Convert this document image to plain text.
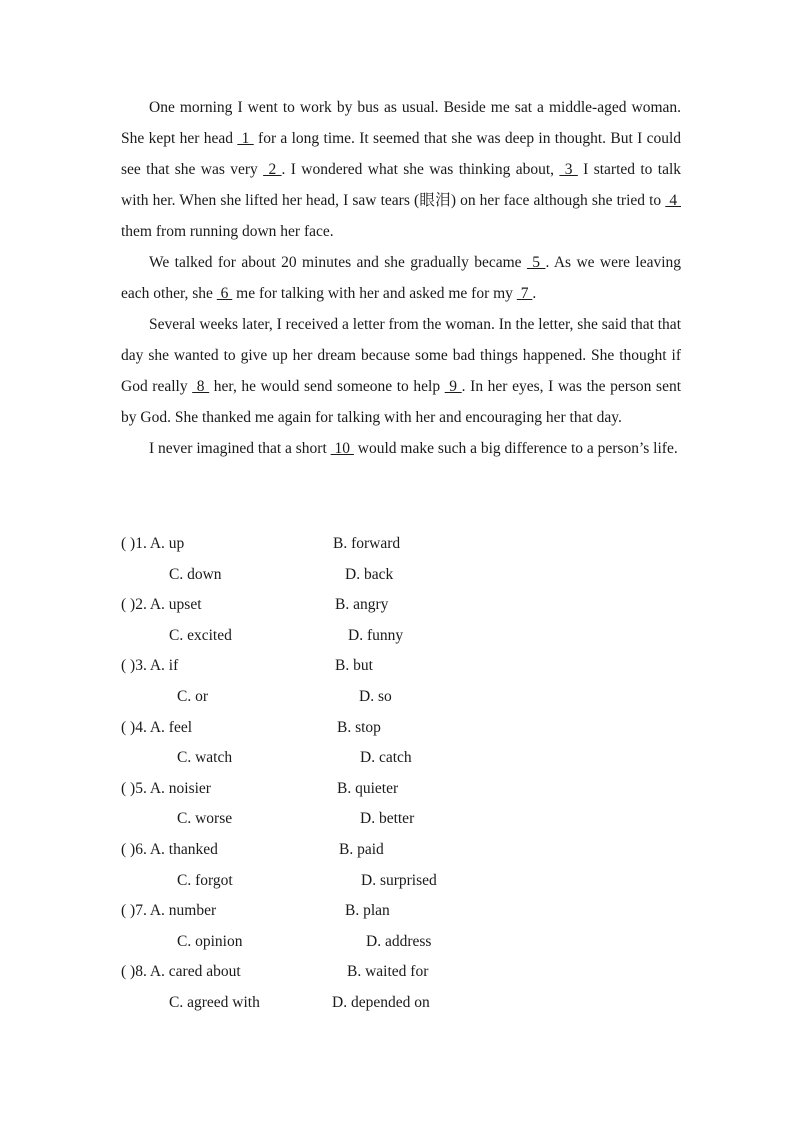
One morning I went to work by bus as usual. Beside me sat a middle-aged woman. She kept her head  1  for a long time. It seemed that she was deep in thought. But I could see that she was very  2 . I wondered what she was thinking about,  3  I started to talk with her. When she lifted her head, I saw tears (眼泪) on her face although she tried to  4  them from running down her face.

We talked for about 20 minutes and she gradually became  5 . As we were leaving each other, she  6  me for talking with her and asked me for my  7 .

Several weeks later, I received a letter from the woman. In the letter, she said that that day she wanted to give up her dream because some bad things happened. She thought if God really  8  her, he would send someone to help  9 . In her eyes, I was the person sent by God. She thanked me again for talking with her and encouraging her that day.

I never imagined that a short  10  would make such a big difference to a person’s life.

( )1. A. up	B. forward
C. down	D. back
( )2. A. upset	B. angry
C. excited	D. funny
( )3. A. if	B. but
C. or	D. so
( )4. A. feel	B. stop
C. watch	D. catch
( )5. A. noisier	B. quieter
C. worse	D. better
( )6. A. thanked	B. paid
C. forgot	D. surprised
( )7. A. number	B. plan
C. opinion	D. address
( )8. A. cared about	B. waited for
C. agreed with	D. depended on
